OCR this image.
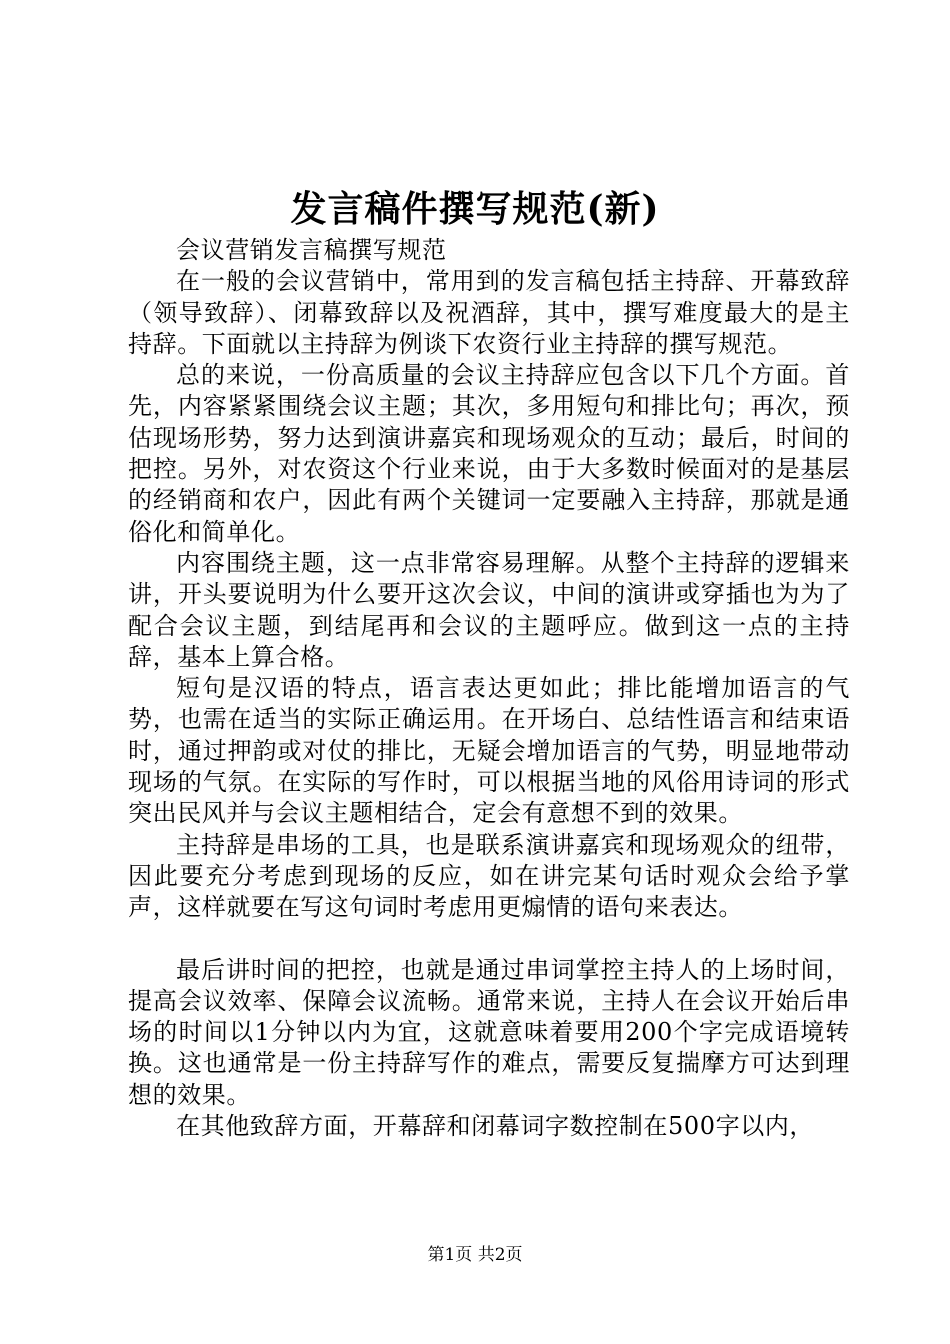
发言稿件撰写规范(新)

会议营销发言稿撰写规范

在一般的会议营销中，常用到的发言稿包括主持辞、开幕致辞（领导致辞）、闭幕致辞以及祝酒辞，其中，撰写难度最大的是主持辞。下面就以主持辞为例谈下农资行业主持辞的撰写规范。

总的来说，一份高质量的会议主持辞应包含以下几个方面。首先，内容紧紧围绕会议主题；其次，多用短句和排比句；再次，预估现场形势，努力达到演讲嘉宾和现场观众的互动；最后，时间的把控。另外，对农资这个行业来说，由于大多数时候面对的是基层的经销商和农户，因此有两个关键词一定要融入主持辞，那就是通俗化和简单化。

内容围绕主题，这一点非常容易理解。从整个主持辞的逻辑来讲，开头要说明为什么要开这次会议，中间的演讲或穿插也为为了配合会议主题，到结尾再和会议的主题呼应。做到这一点的主持辞，基本上算合格。

短句是汉语的特点，语言表达更如此；排比能增加语言的气势，也需在适当的实际正确运用。在开场白、总结性语言和结束语时，通过押韵或对仗的排比，无疑会增加语言的气势，明显地带动现场的气氛。在实际的写作时，可以根据当地的风俗用诗词的形式突出民风并与会议主题相结合，定会有意想不到的效果。

主持辞是串场的工具，也是联系演讲嘉宾和现场观众的纽带，因此要充分考虑到现场的反应，如在讲完某句话时观众会给予掌声，这样就要在写这句词时考虑用更煽情的语句来表达。

最后讲时间的把控，也就是通过串词掌控主持人的上场时间，提高会议效率、保障会议流畅。通常来说，主持人在会议开始后串场的时间以1分钟以内为宜，这就意味着要用200个字完成语境转换。这也通常是一份主持辞写作的难点，需要反复揣摩方可达到理想的效果。

在其他致辞方面，开幕辞和闭幕词字数控制在500字以内，

第1页 共2页
